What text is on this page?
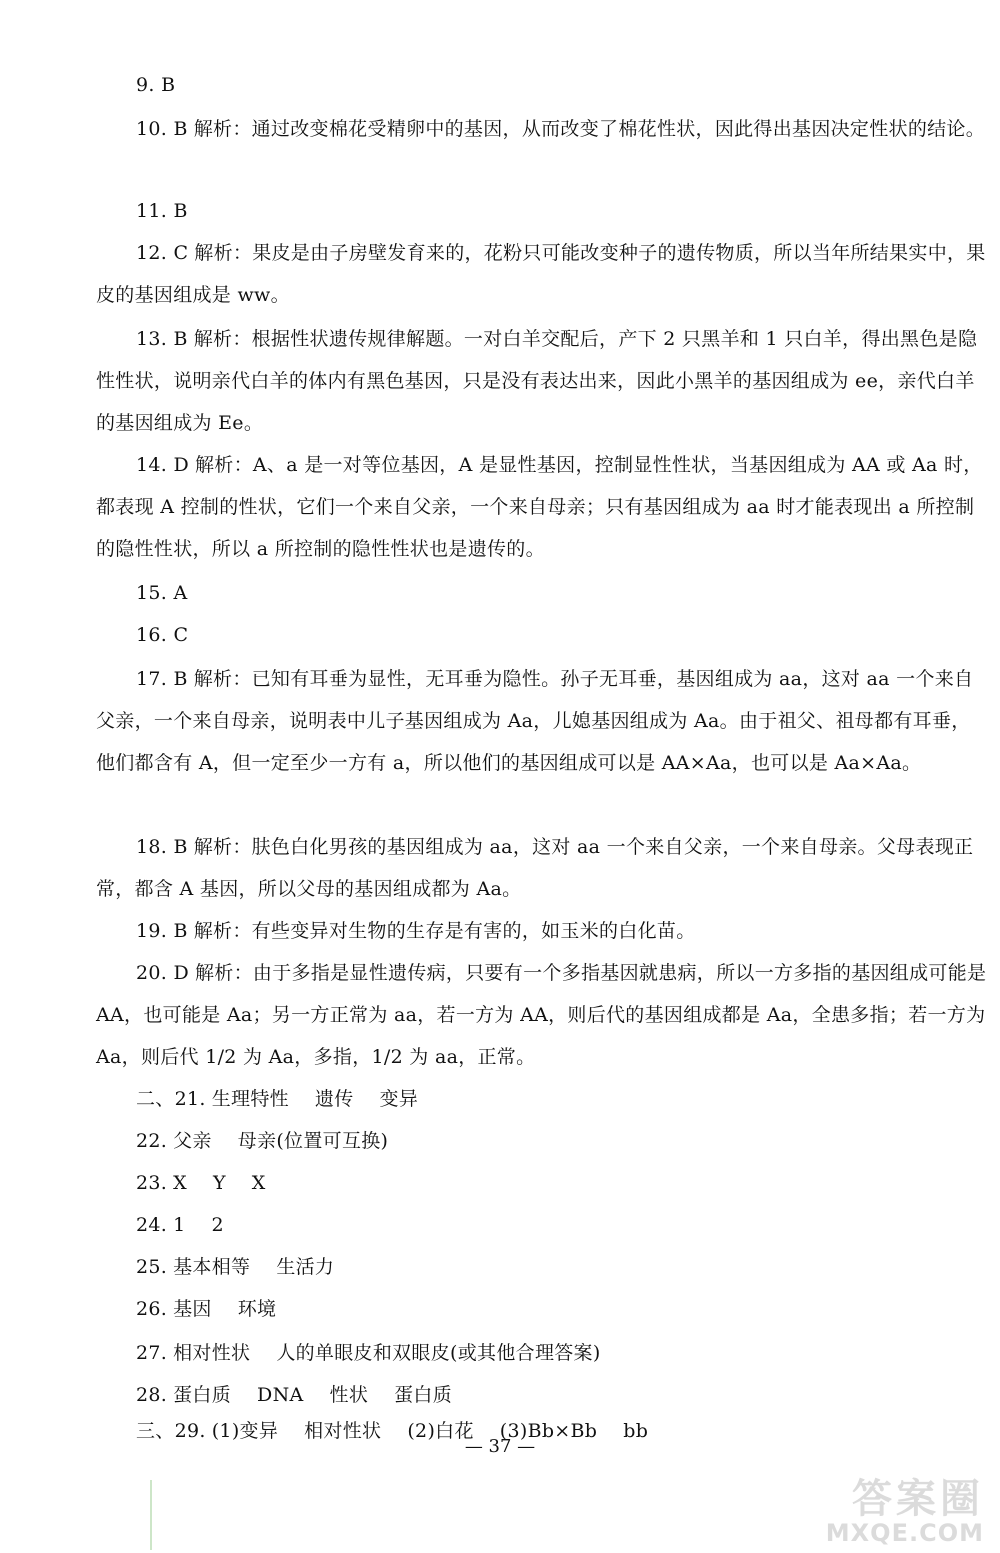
9. B
10. B 解析：通过改变棉花受精卵中的基因，从而改变了棉花性状，因此得出基因决定性状的结论。
11. B
12. C 解析：果皮是由子房壁发育来的，花粉只可能改变种子的遗传物质，所以当年所结果实中，果皮的基因组成是 ww。
13. B 解析：根据性状遗传规律解题。一对白羊交配后，产下 2 只黑羊和 1 只白羊，得出黑色是隐性性状，说明亲代白羊的体内有黑色基因，只是没有表达出来，因此小黑羊的基因组成为 ee，亲代白羊的基因组成为 Ee。
14. D 解析：A、a 是一对等位基因，A 是显性基因，控制显性性状，当基因组成为 AA 或 Aa 时，都表现 A 控制的性状，它们一个来自父亲，一个来自母亲；只有基因组成为 aa 时才能表现出 a 所控制的隐性性状，所以 a 所控制的隐性性状也是遗传的。
15. A
16. C
17. B 解析：已知有耳垂为显性，无耳垂为隐性。孙子无耳垂，基因组成为 aa，这对 aa 一个来自父亲，一个来自母亲，说明表中儿子基因组成为 Aa，儿媳基因组成为 Aa。由于祖父、祖母都有耳垂，他们都含有 A，但一定至少一方有 a，所以他们的基因组成可以是 AA×Aa，也可以是 Aa×Aa。
18. B 解析：肤色白化男孩的基因组成为 aa，这对 aa 一个来自父亲，一个来自母亲。父母表现正常，都含 A 基因，所以父母的基因组成都为 Aa。
19. B 解析：有些变异对生物的生存是有害的，如玉米的白化苗。
20. D 解析：由于多指是显性遗传病，只要有一个多指基因就患病，所以一方多指的基因组成可能是 AA，也可能是 Aa；另一方正常为 aa，若一方为 AA，则后代的基因组成都是 Aa，全患多指；若一方为 Aa，则后代 1/2 为 Aa，多指，1/2 为 aa，正常。
二、21. 生理特性 遗传 变异
22. 父亲 母亲(位置可互换)
23. X Y X
24. 1 2
25. 基本相等 生活力
26. 基因 环境
27. 相对性状 人的单眼皮和双眼皮(或其他合理答案)
28. 蛋白质 DNA 性状 蛋白质
三、29. (1)变异 相对性状 (2)白花 (3)Bb×Bb bb
— 37 —
答案圈
MXQE.COM
